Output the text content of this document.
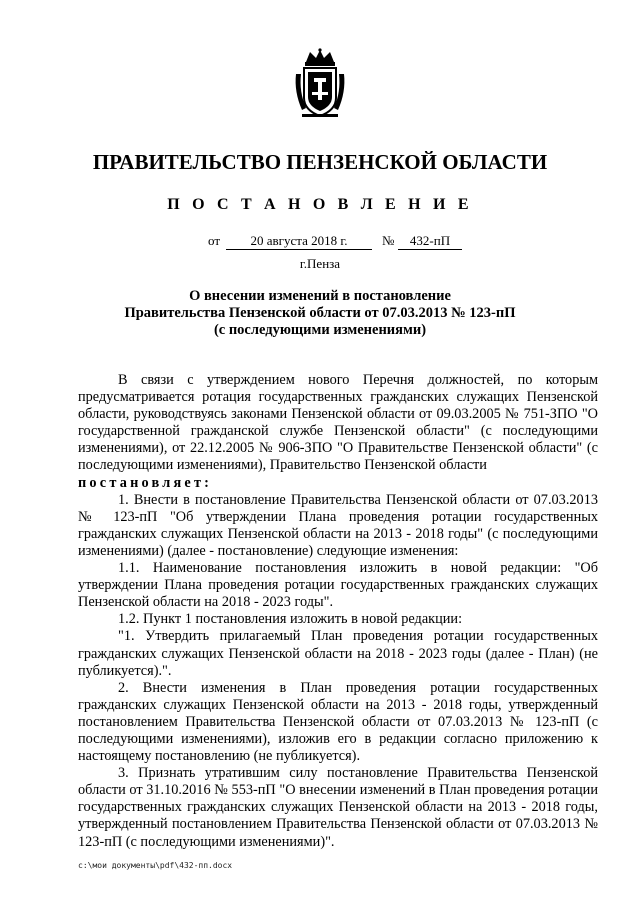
ПРАВИТЕЛЬСТВО ПЕНЗЕНСКОЙ ОБЛАСТИ
П О С Т А Н О В Л Е Н И Е
от	20 августа 2018 г.	№	432-пП
г.Пенза
О внесении изменений в постановление
Правительства Пензенской области от 07.03.2013 № 123-пП
(с последующими изменениями)

В связи с утверждением нового Перечня должностей, по которым предусматривается ротация государственных гражданских служащих Пензенской области, руководствуясь законами Пензенской области от 09.03.2005 № 751-ЗПО "О государственной гражданской службе Пензенской области" (с последующими изменениями), от 22.12.2005 № 906-ЗПО "О Правительстве Пензенской области" (с последующими изменениями), Правительство Пензенской области

постановляет:

1. Внести в постановление Правительства Пензенской области от 07.03.2013 № 123-пП "Об утверждении Плана проведения ротации государственных гражданских служащих Пензенской области на 2013 - 2018 годы" (с последующими изменениями) (далее - постановление) следующие изменения:

1.1. Наименование постановления изложить в новой редакции: "Об утверждении Плана проведения ротации государственных гражданских служащих Пензенской области на 2018 - 2023 годы".

1.2. Пункт 1 постановления изложить в новой редакции:

"1. Утвердить прилагаемый План проведения ротации государственных гражданских служащих Пензенской области на 2018 - 2023 годы (далее - План) (не публикуется).".

2. Внести изменения в План проведения ротации государственных гражданских служащих Пензенской области на 2013 - 2018 годы, утвержденный постановлением Правительства Пензенской области от 07.03.2013 № 123-пП (с последующими изменениями), изложив его в редакции согласно приложению к настоящему постановлению (не публикуется).

3. Признать утратившим силу постановление Правительства Пензенской области от 31.10.2016 № 553-пП "О внесении изменений в План проведения ротации государственных гражданских служащих Пензенской области на 2013 - 2018 годы, утвержденный постановлением Правительства Пензенской области от 07.03.2013 № 123-пП (с последующими изменениями)".

c:\мои документы\pdf\432-пп.docx
